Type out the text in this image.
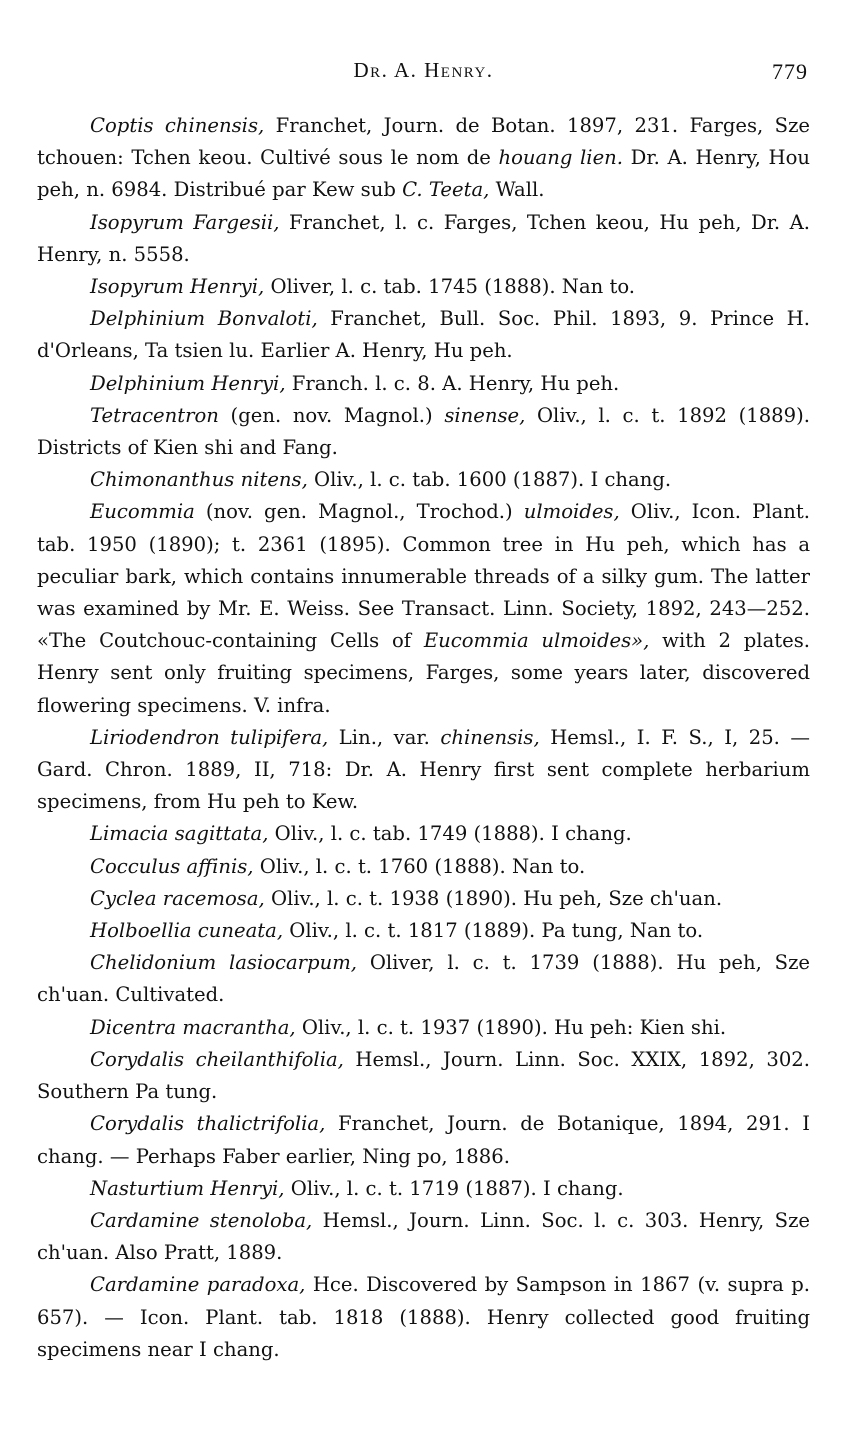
Dr. A. Henry.	779

Coptis chinensis, Franchet, Journ. de Botan. 1897, 231. Farges, Sze tchouen: Tchen keou. Cultivé sous le nom de houang lien. Dr. A. Henry, Hou peh, n. 6984. Distribué par Kew sub C. Teeta, Wall.

Isopyrum Fargesii, Franchet, l. c. Farges, Tchen keou, Hu peh, Dr. A. Henry, n. 5558.

Isopyrum Henryi, Oliver, l. c. tab. 1745 (1888). Nan to.

Delphinium Bonvaloti, Franchet, Bull. Soc. Phil. 1893, 9. Prince H. d'Orleans, Ta tsien lu. Earlier A. Henry, Hu peh.

Delphinium Henryi, Franch. l. c. 8. A. Henry, Hu peh.

Tetracentron (gen. nov. Magnol.) sinense, Oliv., l. c. t. 1892 (1889). Districts of Kien shi and Fang.

Chimonanthus nitens, Oliv., l. c. tab. 1600 (1887). I chang.

Eucommia (nov. gen. Magnol., Trochod.) ulmoides, Oliv., Icon. Plant. tab. 1950 (1890); t. 2361 (1895). Common tree in Hu peh, which has a peculiar bark, which contains innumerable threads of a silky gum. The latter was examined by Mr. E. Weiss. See Transact. Linn. Society, 1892, 243—252. «The Coutchouc-containing Cells of Eucommia ulmoides», with 2 plates. Henry sent only fruiting specimens, Farges, some years later, discovered flowering specimens. V. infra.

Liriodendron tulipifera, Lin., var. chinensis, Hemsl., I. F. S., I, 25. — Gard. Chron. 1889, II, 718: Dr. A. Henry first sent complete herbarium specimens, from Hu peh to Kew.

Limacia sagittata, Oliv., l. c. tab. 1749 (1888). I chang.

Cocculus affinis, Oliv., l. c. t. 1760 (1888). Nan to.

Cyclea racemosa, Oliv., l. c. t. 1938 (1890). Hu peh, Sze ch'uan.

Holboellia cuneata, Oliv., l. c. t. 1817 (1889). Pa tung, Nan to.

Chelidonium lasiocarpum, Oliver, l. c. t. 1739 (1888). Hu peh, Sze ch'uan. Cultivated.

Dicentra macrantha, Oliv., l. c. t. 1937 (1890). Hu peh: Kien shi.

Corydalis cheilanthifolia, Hemsl., Journ. Linn. Soc. XXIX, 1892, 302. Southern Pa tung.

Corydalis thalictrifolia, Franchet, Journ. de Botanique, 1894, 291. I chang. — Perhaps Faber earlier, Ning po, 1886.

Nasturtium Henryi, Oliv., l. c. t. 1719 (1887). I chang.

Cardamine stenoloba, Hemsl., Journ. Linn. Soc. l. c. 303. Henry, Sze ch'uan. Also Pratt, 1889.

Cardamine paradoxa, Hce. Discovered by Sampson in 1867 (v. supra p. 657). — Icon. Plant. tab. 1818 (1888). Henry collected good fruiting specimens near I chang.
